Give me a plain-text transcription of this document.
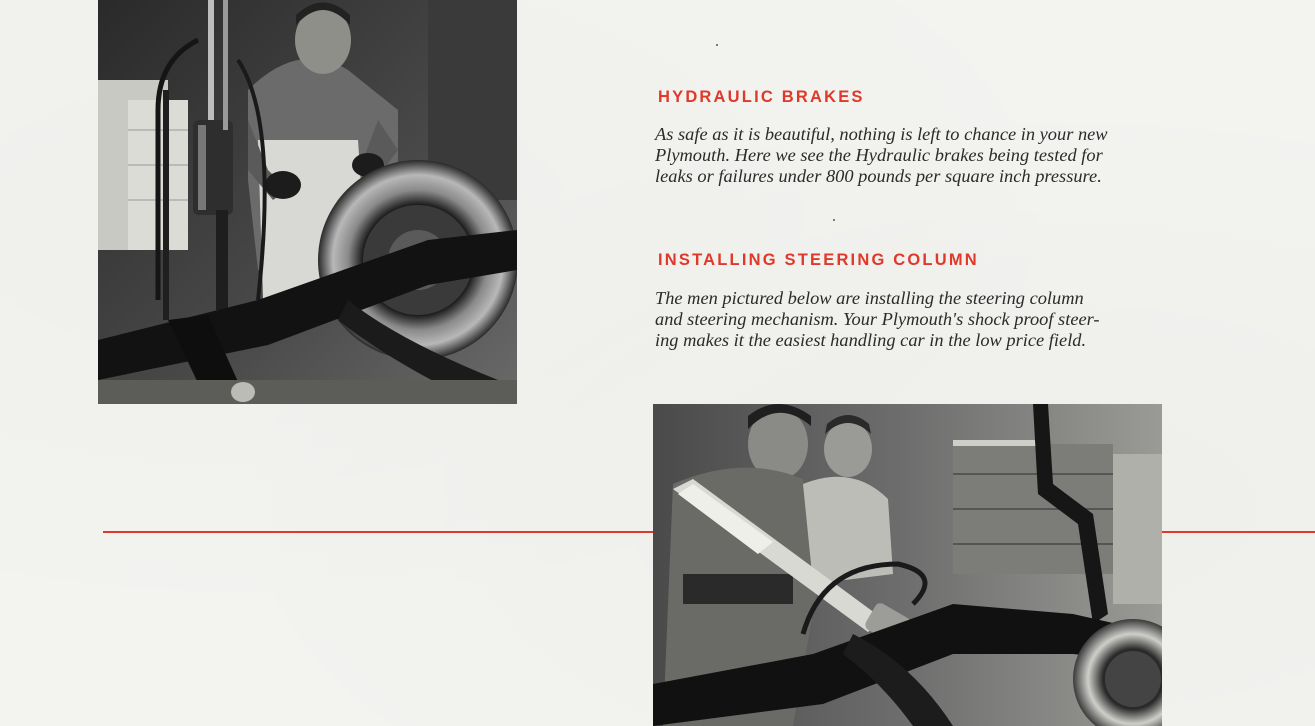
HYDRAULIC BRAKES

As safe as it is beautiful, nothing is left to chance in your new
Plymouth. Here we see the Hydraulic brakes being tested for
leaks or failures under 800 pounds per square inch pressure.

INSTALLING STEERING COLUMN

The men pictured below are installing the steering column
and steering mechanism. Your Plymouth's shock proof steer-
ing makes it the easiest handling car in the low price field.
